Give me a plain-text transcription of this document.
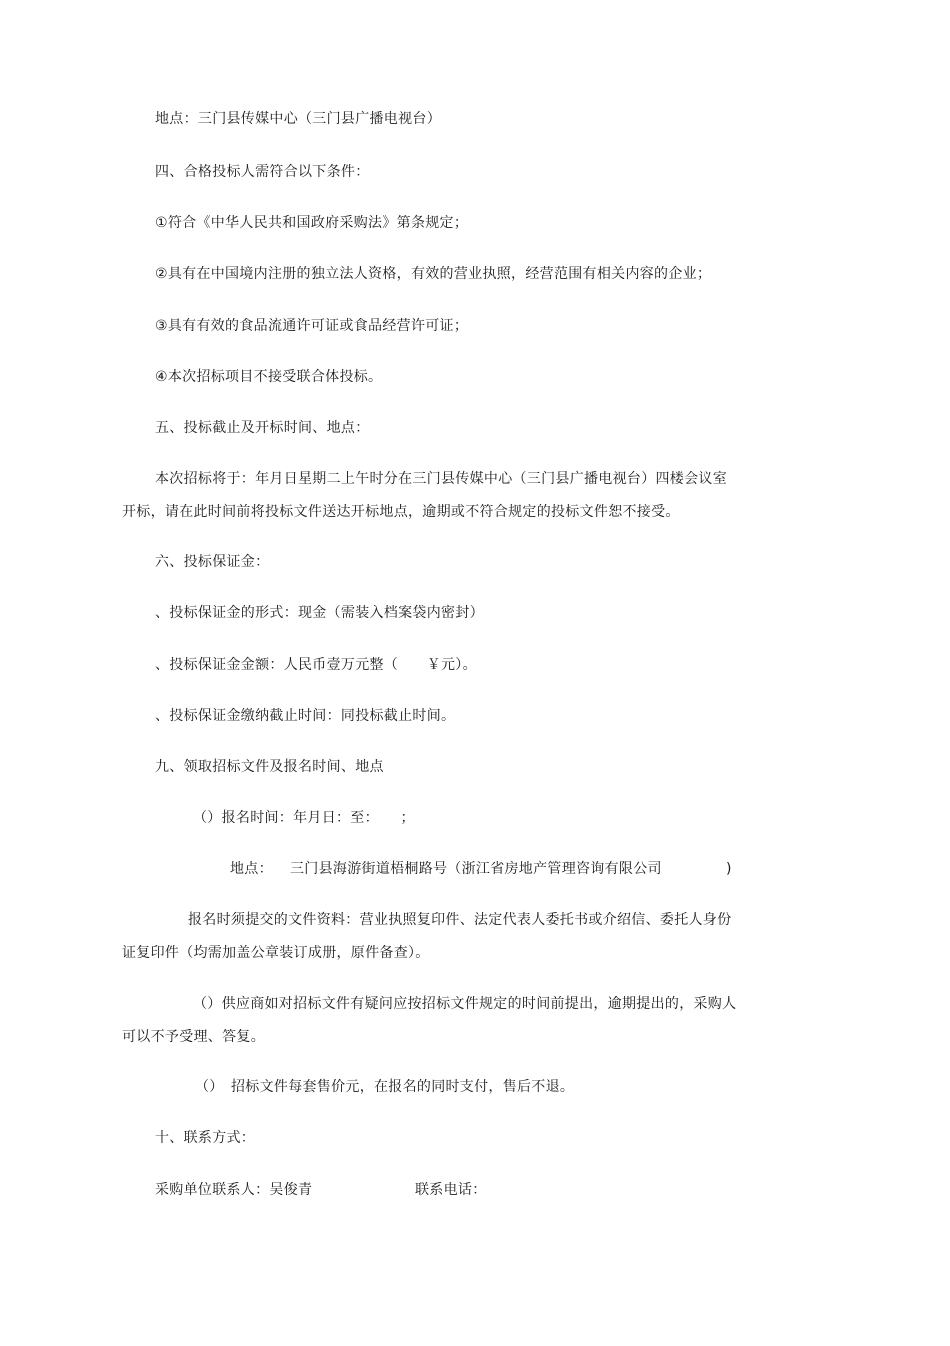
地点：三门县传媒中心（三门县广播电视台）
四、合格投标人需符合以下条件：
①符合《中华人民共和国政府采购法》第条规定；
②具有在中国境内注册的独立法人资格，有效的营业执照，经营范围有相关内容的企业；
③具有有效的食品流通许可证或食品经营许可证；
④本次招标项目不接受联合体投标。
五、投标截止及开标时间、地点：
本次招标将于：年月日星期二上午时分在三门县传媒中心（三门县广播电视台）四楼会议室
开标，请在此时间前将投标文件送达开标地点，逾期或不符合规定的投标文件恕不接受。
六、投标保证金：
、投标保证金的形式：现金（需装入档案袋内密封）
、投标保证金金额：人民币壹万元整（　　￥元）。
、投标保证金缴纳截止时间：同投标截止时间。
九、领取招标文件及报名时间、地点
（）报名时间：年月日：至：　　；
地点： 三门县海游街道梧桐路号（浙江省房地产管理咨询有限公司	)
报名时须提交的文件资料：营业执照复印件、法定代表人委托书或介绍信、委托人身份
证复印件（均需加盖公章装订成册，原件备查）。
（）供应商如对招标文件有疑问应按招标文件规定的时间前提出，逾期提出的，采购人
可以不予受理、答复。
（） 招标文件每套售价元，在报名的同时支付，售后不退。
十、联系方式：
采购单位联系人：吴俊青	联系电话：
